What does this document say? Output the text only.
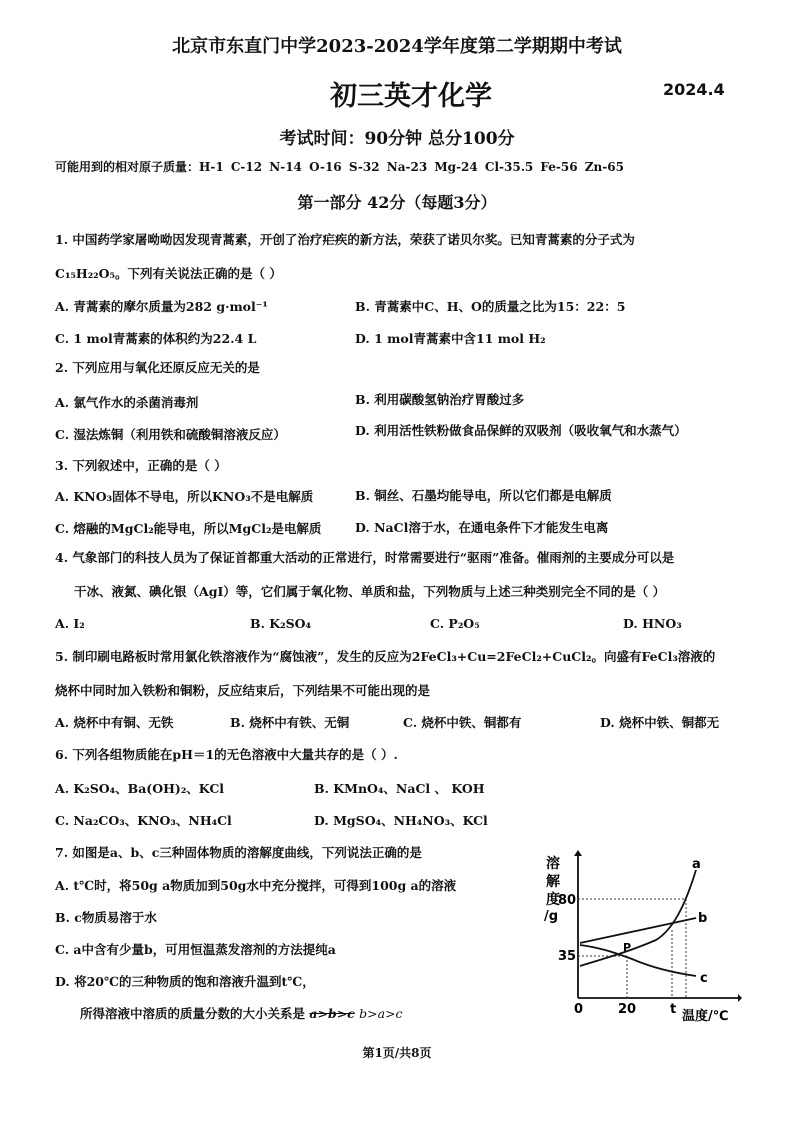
北京市东直门中学2023-2024学年度第二学期期中考试
初三英才化学	2024.4
考试时间：90分钟 总分100分
可能用到的相对原子质量：H-1 C-12 N-14 O-16 S-32 Na-23 Mg-24 Cl-35.5 Fe-56 Zn-65
第一部分 42分（每题3分）
1. 中国药学家屠呦呦因发现青蒿素，开创了治疗疟疾的新方法，荣获了诺贝尔奖。已知青蒿素的分子式为
C₁₅H₂₂O₅。下列有关说法正确的是（ ）
A. 青蒿素的摩尔质量为282 g·mol⁻¹	B. 青蒿素中C、H、O的质量之比为15：22：5
C. 1 mol青蒿素的体积约为22.4 L	D. 1 mol青蒿素中含11 mol H₂
2. 下列应用与氧化还原反应无关的是
A. 氯气作水的杀菌消毒剂	B. 利用碳酸氢钠治疗胃酸过多
C. 湿法炼铜（利用铁和硫酸铜溶液反应）	D. 利用活性铁粉做食品保鲜的双吸剂（吸收氧气和水蒸气）
3. 下列叙述中，正确的是（ ）
A. KNO₃固体不导电，所以KNO₃不是电解质	B. 铜丝、石墨均能导电，所以它们都是电解质
C. 熔融的MgCl₂能导电，所以MgCl₂是电解质	D. NaCl溶于水，在通电条件下才能发生电离
4. 气象部门的科技人员为了保证首都重大活动的正常进行，时常需要进行“驱雨”准备。催雨剂的主要成分可以是
干冰、液氮、碘化银（AgI）等，它们属于氧化物、单质和盐，下列物质与上述三种类别完全不同的是（ ）
A. I₂	B. K₂SO₄	C. P₂O₅	D. HNO₃
5. 制印刷电路板时常用氯化铁溶液作为“腐蚀液”，发生的反应为2FeCl₃+Cu=2FeCl₂+CuCl₂。向盛有FeCl₃溶液的
烧杯中同时加入铁粉和铜粉，反应结束后，下列结果不可能出现的是
A. 烧杯中有铜、无铁	B. 烧杯中有铁、无铜	C. 烧杯中铁、铜都有	D. 烧杯中铁、铜都无
6. 下列各组物质能在pH＝1的无色溶液中大量共存的是（ ）.
A. K₂SO₄、Ba(OH)₂、KCl	B. KMnO₄、NaCl 、 KOH
C. Na₂CO₃、KNO₃、NH₄Cl	D. MgSO₄、NH₄NO₃、KCl
7. 如图是a、b、c三种固体物质的溶解度曲线，下列说法正确的是
A. t℃时，将50g a物质加到50g水中充分搅拌，可得到100g a的溶液
B. c物质易溶于水
C. a中含有少量b，可用恒温蒸发溶剂的方法提纯a
D. 将20℃的三种物质的饱和溶液升温到t℃，
所得溶液中溶质的质量分数的大小关系是 a>b>c b>a>c
溶
解
度
/g
80
35
0	20	t 温度/℃
P
a
b
c
第1页/共8页
